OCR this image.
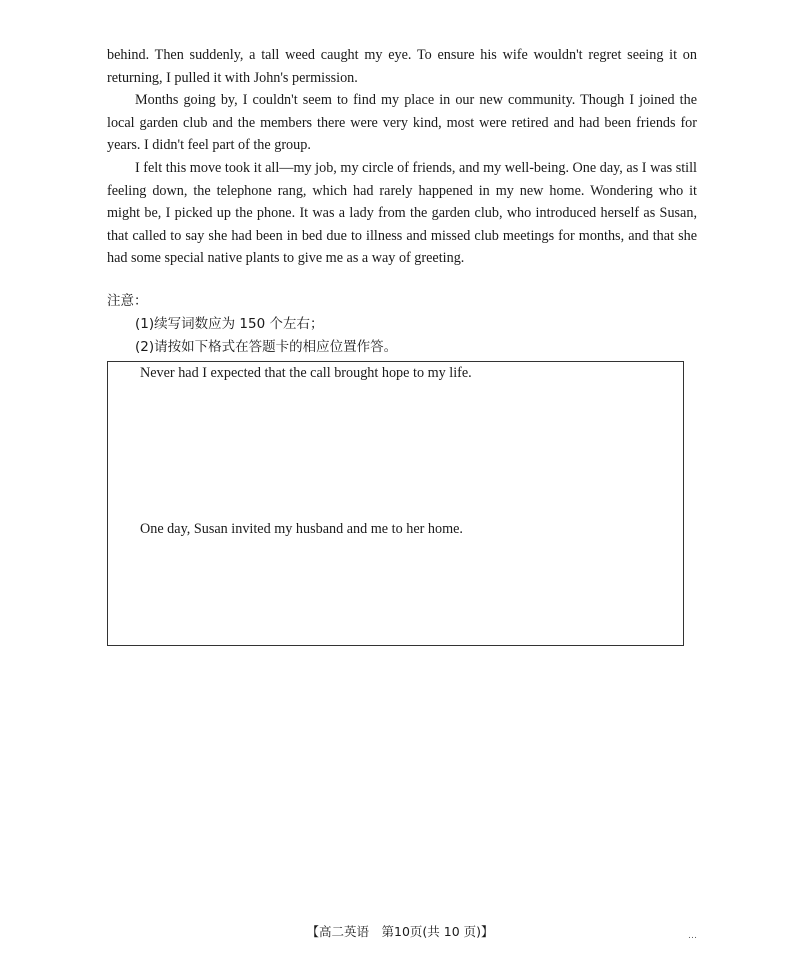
behind. Then suddenly, a tall weed caught my eye. To ensure his wife wouldn't regret seeing it on returning, I pulled it with John's permission.

Months going by, I couldn't seem to find my place in our new community. Though I joined the local garden club and the members there were very kind, most were retired and had been friends for years. I didn't feel part of the group.

I felt this move took it all—my job, my circle of friends, and my well-being. One day, as I was still feeling down, the telephone rang, which had rarely happened in my new home. Wondering who it might be, I picked up the phone. It was a lady from the garden club, who introduced herself as Susan, that called to say she had been in bed due to illness and missed club meetings for months, and that she had some special native plants to give me as a way of greeting.

注意：
(1)续写词数应为 150 个左右；
(2)请按如下格式在答题卡的相应位置作答。
Never had I expected that the call brought hope to my life.
One day, Susan invited my husband and me to her home.
【高二英语　第10页(共 10 页)】	…
